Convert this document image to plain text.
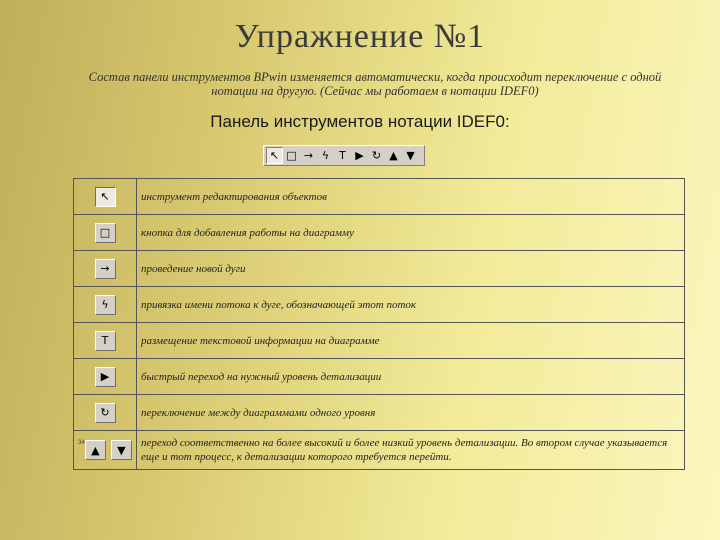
Упражнение №1
Состав панели инструментов BPwin изменяется автоматически, когда происходит переключение с одной
нотации на другую. (Сейчас мы работаем в нотации IDEF0)
Панель инструментов нотации IDEF0:
↖ □ → ϟ T ▶ ↻ ▲ ▼
↖	инструмент редактирования объектов
□	кнопка для добавления работы на диаграмму
→	проведение новой дуги
ϟ	привязка имени потока к дуге, обозначающей этот поток
T	размещение текстовой информации на диаграмме
▶	быстрый переход на нужный уровень детализации
↻	переключение между диаграммами одного уровня
$^{34}$▲ ▼	переход соответственно на более высокий и более низкий уровень детализации. Во втором случае указывается еще и тот процесс, к детализации которого требуется перейти.
